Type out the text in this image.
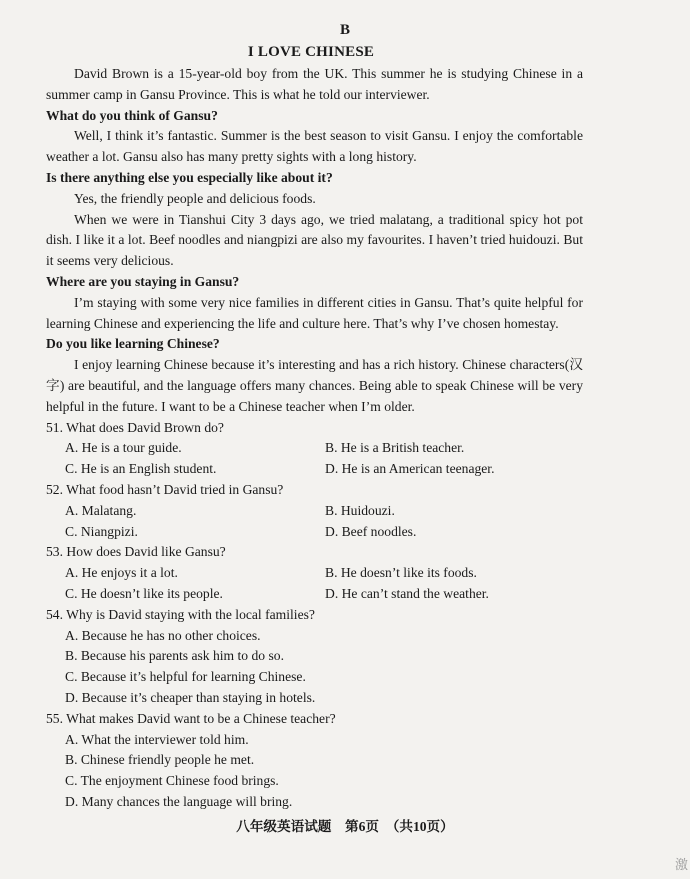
B
I LOVE CHINESE

David Brown is a 15-year-old boy from the UK. This summer he is studying Chinese in a summer camp in Gansu Province. This is what he told our interviewer.

What do you think of Gansu?

Well, I think it’s fantastic. Summer is the best season to visit Gansu. I enjoy the comfortable weather a lot. Gansu also has many pretty sights with a long history.

Is there anything else you especially like about it?

Yes, the friendly people and delicious foods.

When we were in Tianshui City 3 days ago, we tried malatang, a traditional spicy hot pot dish. I like it a lot. Beef noodles and niangpizi are also my favourites. I haven’t tried huidouzi. But it seems very delicious.

Where are you staying in Gansu?

I’m staying with some very nice families in different cities in Gansu. That’s quite helpful for learning Chinese and experiencing the life and culture here. That’s why I’ve chosen homestay.

Do you like learning Chinese?

I enjoy learning Chinese because it’s interesting and has a rich history. Chinese characters(汉字) are beautiful, and the language offers many chances. Being able to speak Chinese will be very helpful in the future. I want to be a Chinese teacher when I’m older.

51. What does David Brown do?

A. He is a tour guide.	B. He is a British teacher.

C. He is an English student.	D. He is an American teenager.

52. What food hasn’t David tried in Gansu?

A. Malatang.	B. Huidouzi.

C. Niangpizi.	D. Beef noodles.

53. How does David like Gansu?

A. He enjoys it a lot.	B. He doesn’t like its foods.

C. He doesn’t like its people.	D. He can’t stand the weather.

54. Why is David staying with the local families?

A. Because he has no other choices.

B. Because his parents ask him to do so.

C. Because it’s helpful for learning Chinese.

D. Because it’s cheaper than staying in hotels.

55. What makes David want to be a Chinese teacher?

A. What the interviewer told him.

B. Chinese friendly people he met.

C. The enjoyment Chinese food brings.

D. Many chances the language will bring.

八年级英语试题　第6页　（共10页）
激
